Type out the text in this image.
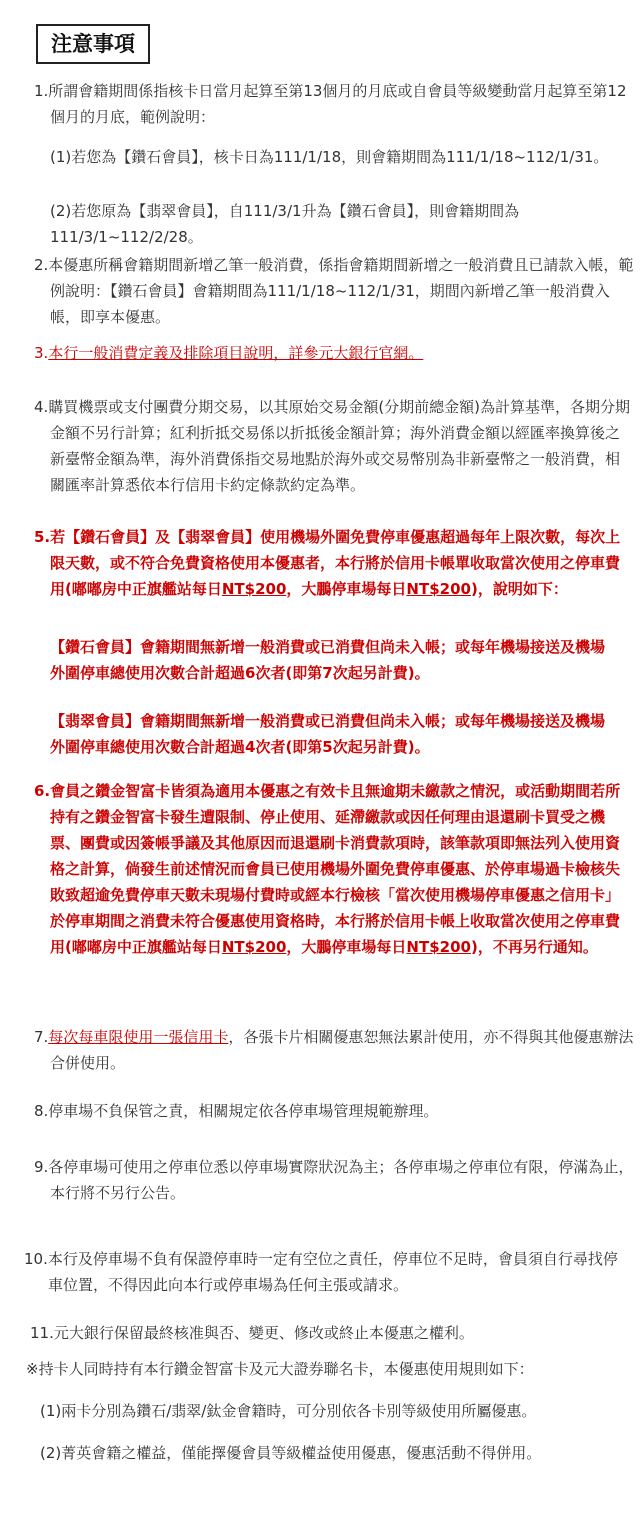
注意事項
1.所謂會籍期間係指核卡日當月起算至第13個月的月底或自會員等級變動當月起算至第12個月的月底，範例說明：
(1)若您為【鑽石會員】，核卡日為111/1/18，則會籍期間為111/1/18~112/1/31。
(2)若您原為【翡翠會員】，自111/3/1升為【鑽石會員】，則會籍期間為111/3/1~112/2/28。
2.本優惠所稱會籍期間新增乙筆一般消費，係指會籍期間新增之一般消費且已請款入帳，範例說明：【鑽石會員】會籍期間為111/1/18~112/1/31，期間內新增乙筆一般消費入帳，即享本優惠。
3.本行一般消費定義及排除項目說明，詳參元大銀行官網。
4.購買機票或支付團費分期交易，以其原始交易金額(分期前總金額)為計算基準，各期分期金額不另行計算；紅利折抵交易係以折抵後金額計算；海外消費金額以經匯率換算後之新臺幣金額為準，海外消費係指交易地點於海外或交易幣別為非新臺幣之一般消費，相關匯率計算悉依本行信用卡約定條款約定為準。
5.若【鑽石會員】及【翡翠會員】使用機場外圍免費停車優惠超過每年上限次數，每次上限天數，或不符合免費資格使用本優惠者，本行將於信用卡帳單收取當次使用之停車費用(嘟嘟房中正旗艦站每日NT$200，大鵬停車場每日NT$200)，說明如下：
【鑽石會員】會籍期間無新增一般消費或已消費但尚未入帳；或每年機場接送及機場外圍停車總使用次數合計超過6次者(即第7次起另計費)。
【翡翠會員】會籍期間無新增一般消費或已消費但尚未入帳；或每年機場接送及機場外圍停車總使用次數合計超過4次者(即第5次起另計費)。
6.會員之鑽金智富卡皆須為適用本優惠之有效卡且無逾期未繳款之情況，或活動期間若所持有之鑽金智富卡發生遭限制、停止使用、延滯繳款或因任何理由退還刷卡買受之機票、團費或因簽帳爭議及其他原因而退還刷卡消費款項時，該筆款項即無法列入使用資格之計算，倘發生前述情況而會員已使用機場外圍免費停車優惠、於停車場過卡檢核失敗致超逾免費停車天數未現場付費時或經本行檢核「當次使用機場停車優惠之信用卡」於停車期間之消費未符合優惠使用資格時，本行將於信用卡帳上收取當次使用之停車費用(嘟嘟房中正旗艦站每日NT$200，大鵬停車場每日NT$200)，不再另行通知。
7.每次每車限使用一張信用卡，各張卡片相關優惠恕無法累計使用，亦不得與其他優惠辦法合併使用。
8.停車場不負保管之責，相關規定依各停車場管理規範辦理。
9.各停車場可使用之停車位悉以停車場實際狀況為主；各停車場之停車位有限，停滿為止，本行將不另行公告。
10.本行及停車場不負有保證停車時一定有空位之責任，停車位不足時，會員須自行尋找停車位置，不得因此向本行或停車場為任何主張或請求。
11.元大銀行保留最終核准與否、變更、修改或終止本優惠之權利。
※持卡人同時持有本行鑽金智富卡及元大證券聯名卡，本優惠使用規則如下：
(1)兩卡分別為鑽石/翡翠/鈦金會籍時，可分別依各卡別等級使用所屬優惠。
(2)菁英會籍之權益，僅能擇優會員等級權益使用優惠，優惠活動不得併用。
